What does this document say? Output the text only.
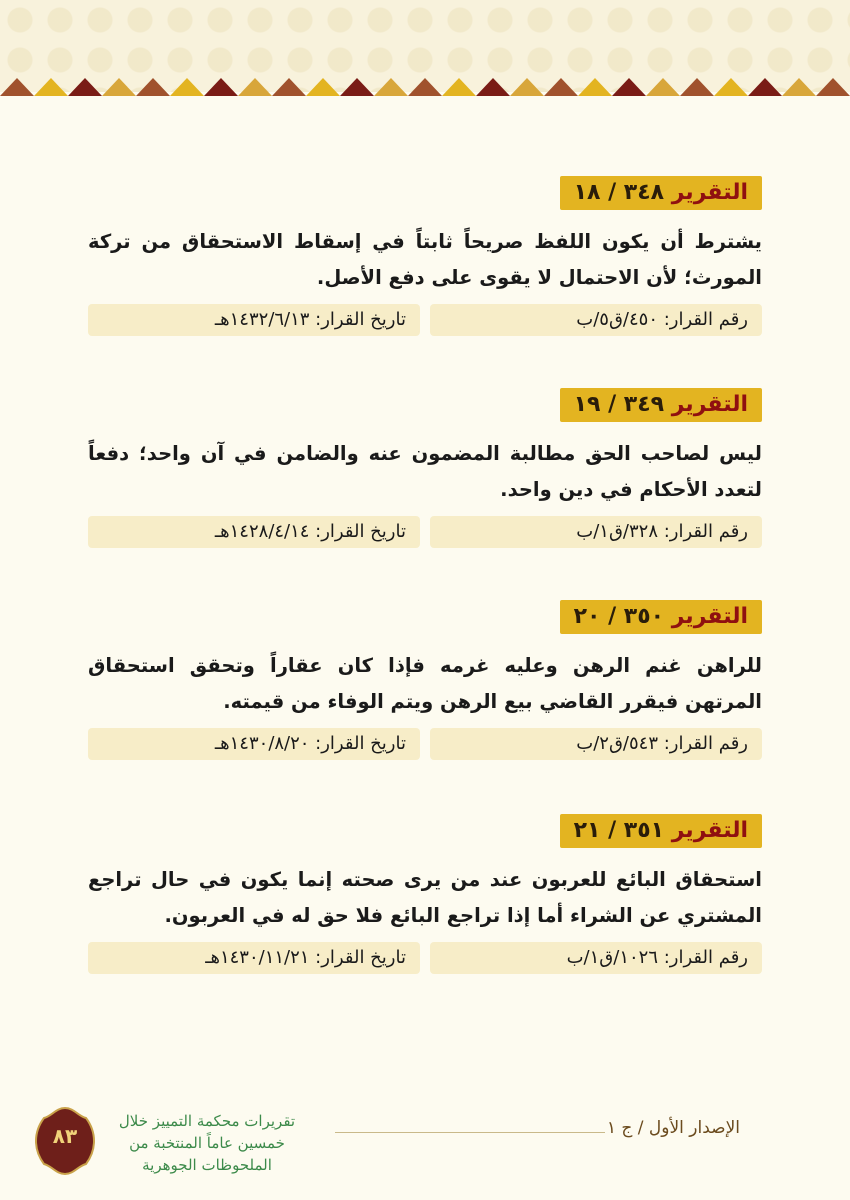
التقرير ٣٤٨ / ١٨
يشترط أن يكون اللفظ صريحاً ثابتاً في إسقاط الاستحقاق من تركة المورث؛ لأن الاحتمال لا يقوى على دفع الأصل.
رقم القرار: ٤٥٠/ق٥/ب
تاريخ القرار: ١٤٣٢/٦/١٣هـ
التقرير ٣٤٩ / ١٩
ليس لصاحب الحق مطالبة المضمون عنه والضامن في آن واحد؛ دفعاً لتعدد الأحكام في دين واحد.
رقم القرار: ٣٢٨/ق١/ب
تاريخ القرار: ١٤٢٨/٤/١٤هـ
التقرير ٣٥٠ / ٢٠
للراهن غنم الرهن وعليه غرمه فإذا كان عقاراً وتحقق استحقاق المرتهن فيقرر القاضي بيع الرهن ويتم الوفاء من قيمته.
رقم القرار: ٥٤٣/ق٢/ب
تاريخ القرار: ١٤٣٠/٨/٢٠هـ
التقرير ٣٥١ / ٢١
استحقاق البائع للعربون عند من يرى صحته إنما يكون في حال تراجع المشتري عن الشراء أما إذا تراجع البائع فلا حق له في العربون.
رقم القرار: ١٠٢٦/ق١/ب
تاريخ القرار: ١٤٣٠/١١/٢١هـ
الإصدار الأول / ج ١
تقريرات محكمة التمييز خلال خمسين عاماً المنتخبة من الملحوظات الجوهرية
٨٣
